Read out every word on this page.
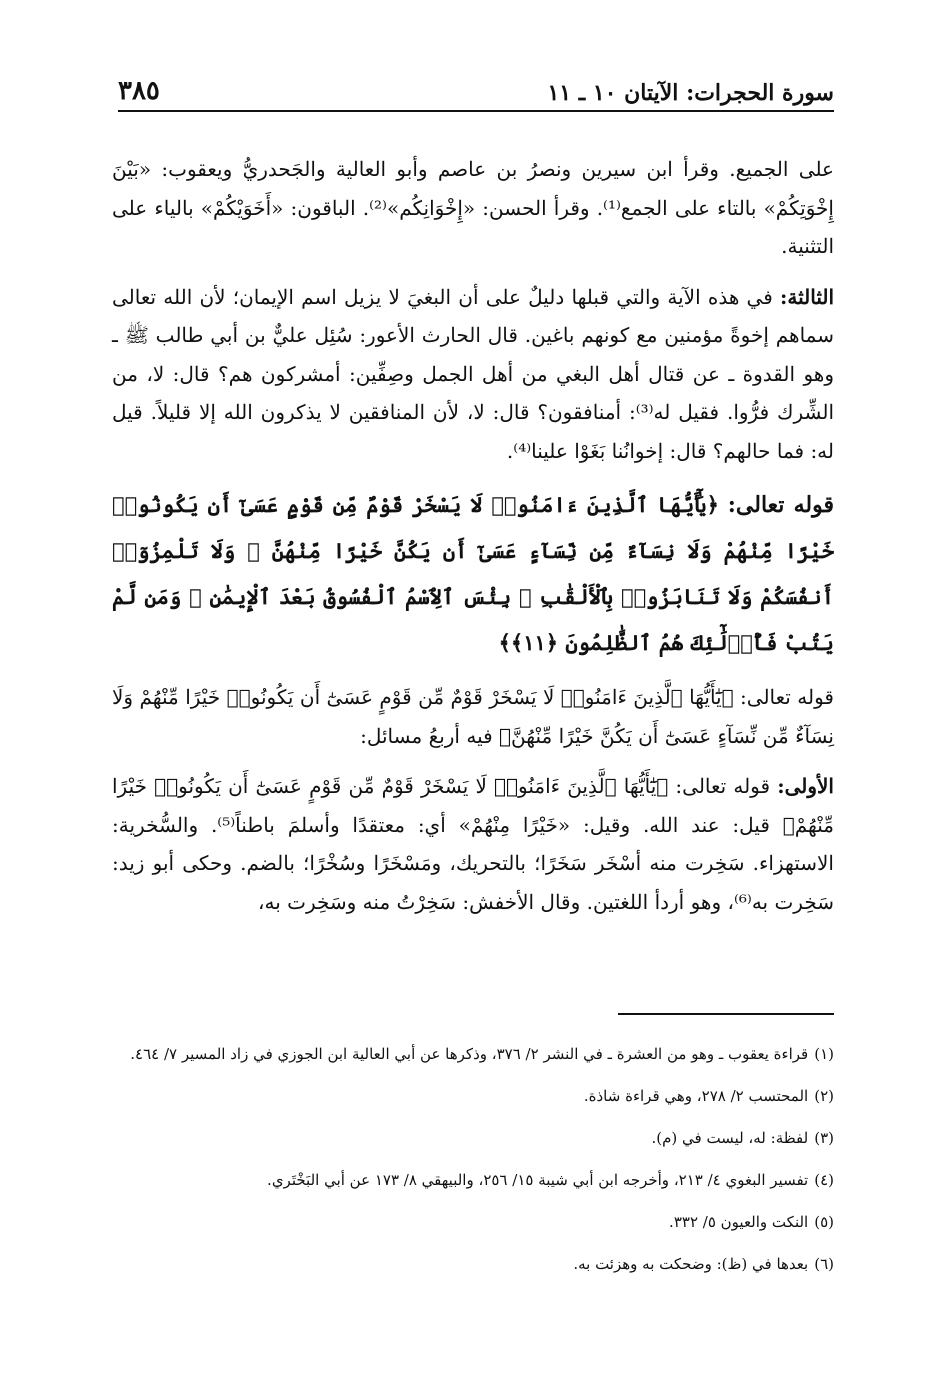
سورة الحجرات: الآيتان ١٠ ـ ١١
٣٨٥

على الجميع. وقرأ ابن سيرين ونصرُ بن عاصم وأبو العالية والجَحدريُّ ويعقوب: «بَيْنَ إِخْوَتِكُمْ» بالتاء على الجمع⁽¹⁾. وقرأ الحسن: «إِخْوَانِكُم»⁽²⁾. الباقون: «أَخَوَيْكُمْ» بالياء على التثنية.

الثالثة: في هذه الآية والتي قبلها دليلٌ على أن البغيَ لا يزيل اسم الإيمان؛ لأن الله تعالى سماهم إخوةً مؤمنين مع كونهم باغين. قال الحارث الأعور: سُئِل عليٌّ بن أبي طالب ﷺ ـ وهو القدوة ـ عن قتال أهل البغي من أهل الجمل وصِفِّين: أمشركون هم؟ قال: لا، من الشِّرك فرُّوا. فقيل له⁽³⁾: أمنافقون؟ قال: لا، لأن المنافقين لا يذكرون الله إلا قليلاً. قيل له: فما حالهم؟ قال: إخوانُنا بَغَوْا علينا⁽⁴⁾.

قوله تعالى: ﴿يَٰٓأَيُّهَا ٱلَّذِينَ ءَامَنُوا۟ لَا يَسْخَرْ قَوْمٌ مِّن قَوْمٍ عَسَىٰٓ أَن يَكُونُوا۟ خَيْرًا مِّنْهُمْ وَلَا نِسَآءٌ مِّن نِّسَآءٍ عَسَىٰٓ أَن يَكُنَّ خَيْرًا مِّنْهُنَّ ۖ وَلَا تَلْمِزُوٓا۟ أَنفُسَكُمْ وَلَا تَنَابَزُوا۟ بِٱلْأَلْقَٰبِ ۖ بِئْسَ ٱلِٱسْمُ ٱلْفُسُوقُ بَعْدَ ٱلْإِيمَٰنِ ۚ وَمَن لَّمْ يَتُبْ فَأُو۟لَٰٓئِكَ هُمُ ٱلظَّٰلِمُونَ ﴿١١﴾﴾

قوله تعالى: ﴿يَٰٓأَيُّهَا ٱلَّذِينَ ءَامَنُوا۟ لَا يَسْخَرْ قَوْمٌ مِّن قَوْمٍ عَسَىٰٓ أَن يَكُونُوا۟ خَيْرًا مِّنْهُمْ وَلَا نِسَآءٌ مِّن نِّسَآءٍ عَسَىٰٓ أَن يَكُنَّ خَيْرًا مِّنْهُنَّ﴾ فيه أربعُ مسائل:

الأولى: قوله تعالى: ﴿يَٰٓأَيُّهَا ٱلَّذِينَ ءَامَنُوا۟ لَا يَسْخَرْ قَوْمٌ مِّن قَوْمٍ عَسَىٰٓ أَن يَكُونُوا۟ خَيْرًا مِّنْهُمْ﴾ قيل: عند الله. وقيل: «خَيْرًا مِنْهُمْ» أي: معتقدًا وأسلمَ باطناً⁽⁵⁾. والسُّخرية: الاستهزاء. سَخِرت منه أسْخَر سَخَرًا؛ بالتحريك، ومَسْخَرًا وسُخْرًا؛ بالضم. وحكى أبو زيد: سَخِرت به⁽⁶⁾، وهو أردأ اللغتين. وقال الأخفش: سَخِرْتُ منه وسَخِرت به،

(١)قراءة يعقوب ـ وهو من العشرة ـ في النشر ٢/ ٣٧٦، وذكرها عن أبي العالية ابن الجوزي في زاد المسير ٧/ ٤٦٤.
(٢)المحتسب ٢/ ٢٧٨، وهي قراءة شاذة.
(٣)لفظة: له، ليست في (م).
(٤)تفسير البغوي ٤/ ٢١٣، وأخرجه ابن أبي شيبة ١٥/ ٢٥٦، والبيهقي ٨/ ١٧٣ عن أبي البَخْتَري.
(٥)النكت والعيون ٥/ ٣٣٢.
(٦)بعدها في (ظ): وضحكت به وهزئت به.
